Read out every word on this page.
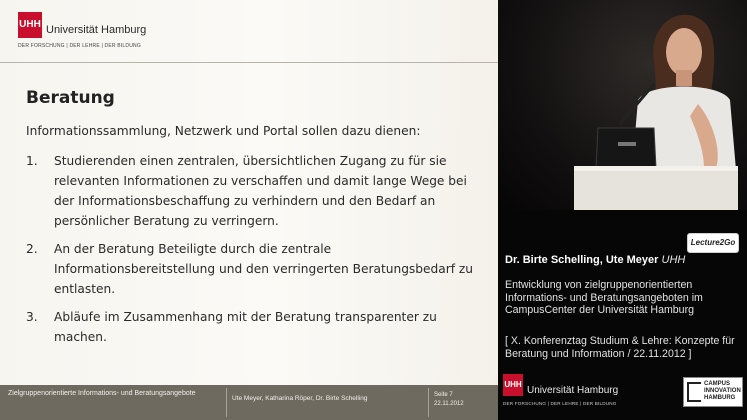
UHH Universität Hamburg
DER FORSCHUNG | DER LEHRE | DER BILDUNG
Beratung
Informationssammlung, Netzwerk und Portal sollen dazu dienen:
1.	Studierenden einen zentralen, übersichtlichen Zugang zu für sie relevanten Informationen zu verschaffen und damit lange Wege bei der Informationsbeschaffung zu verhindern und den Bedarf an persönlicher Beratung zu verringern.
2.	An der Beratung Beteiligte durch die zentrale Informationsbereitstellung und den verringerten Beratungsbedarf zu entlasten.
3.	Abläufe im Zusammenhang mit der Beratung transparenter zu machen.
Zielgruppenorientierte Informations- und Beratungsangebote
Ute Meyer, Katharina Röper, Dr. Birte Schelling	Seite 7
22.11.2012
Lecture2Go
Dr. Birte Schelling, Ute Meyer UHH
Entwicklung von zielgruppenorientierten Informations- und Beratungsangeboten im CampusCenter der Universität Hamburg
[ X. Konferenztag Studium & Lehre: Konzepte für Beratung und Information / 22.11.2012 ]
UHH
Universität Hamburg
DER FORSCHUNG | DER LEHRE | DER BILDUNG
CAMPUS INNOVATION HAMBURG
